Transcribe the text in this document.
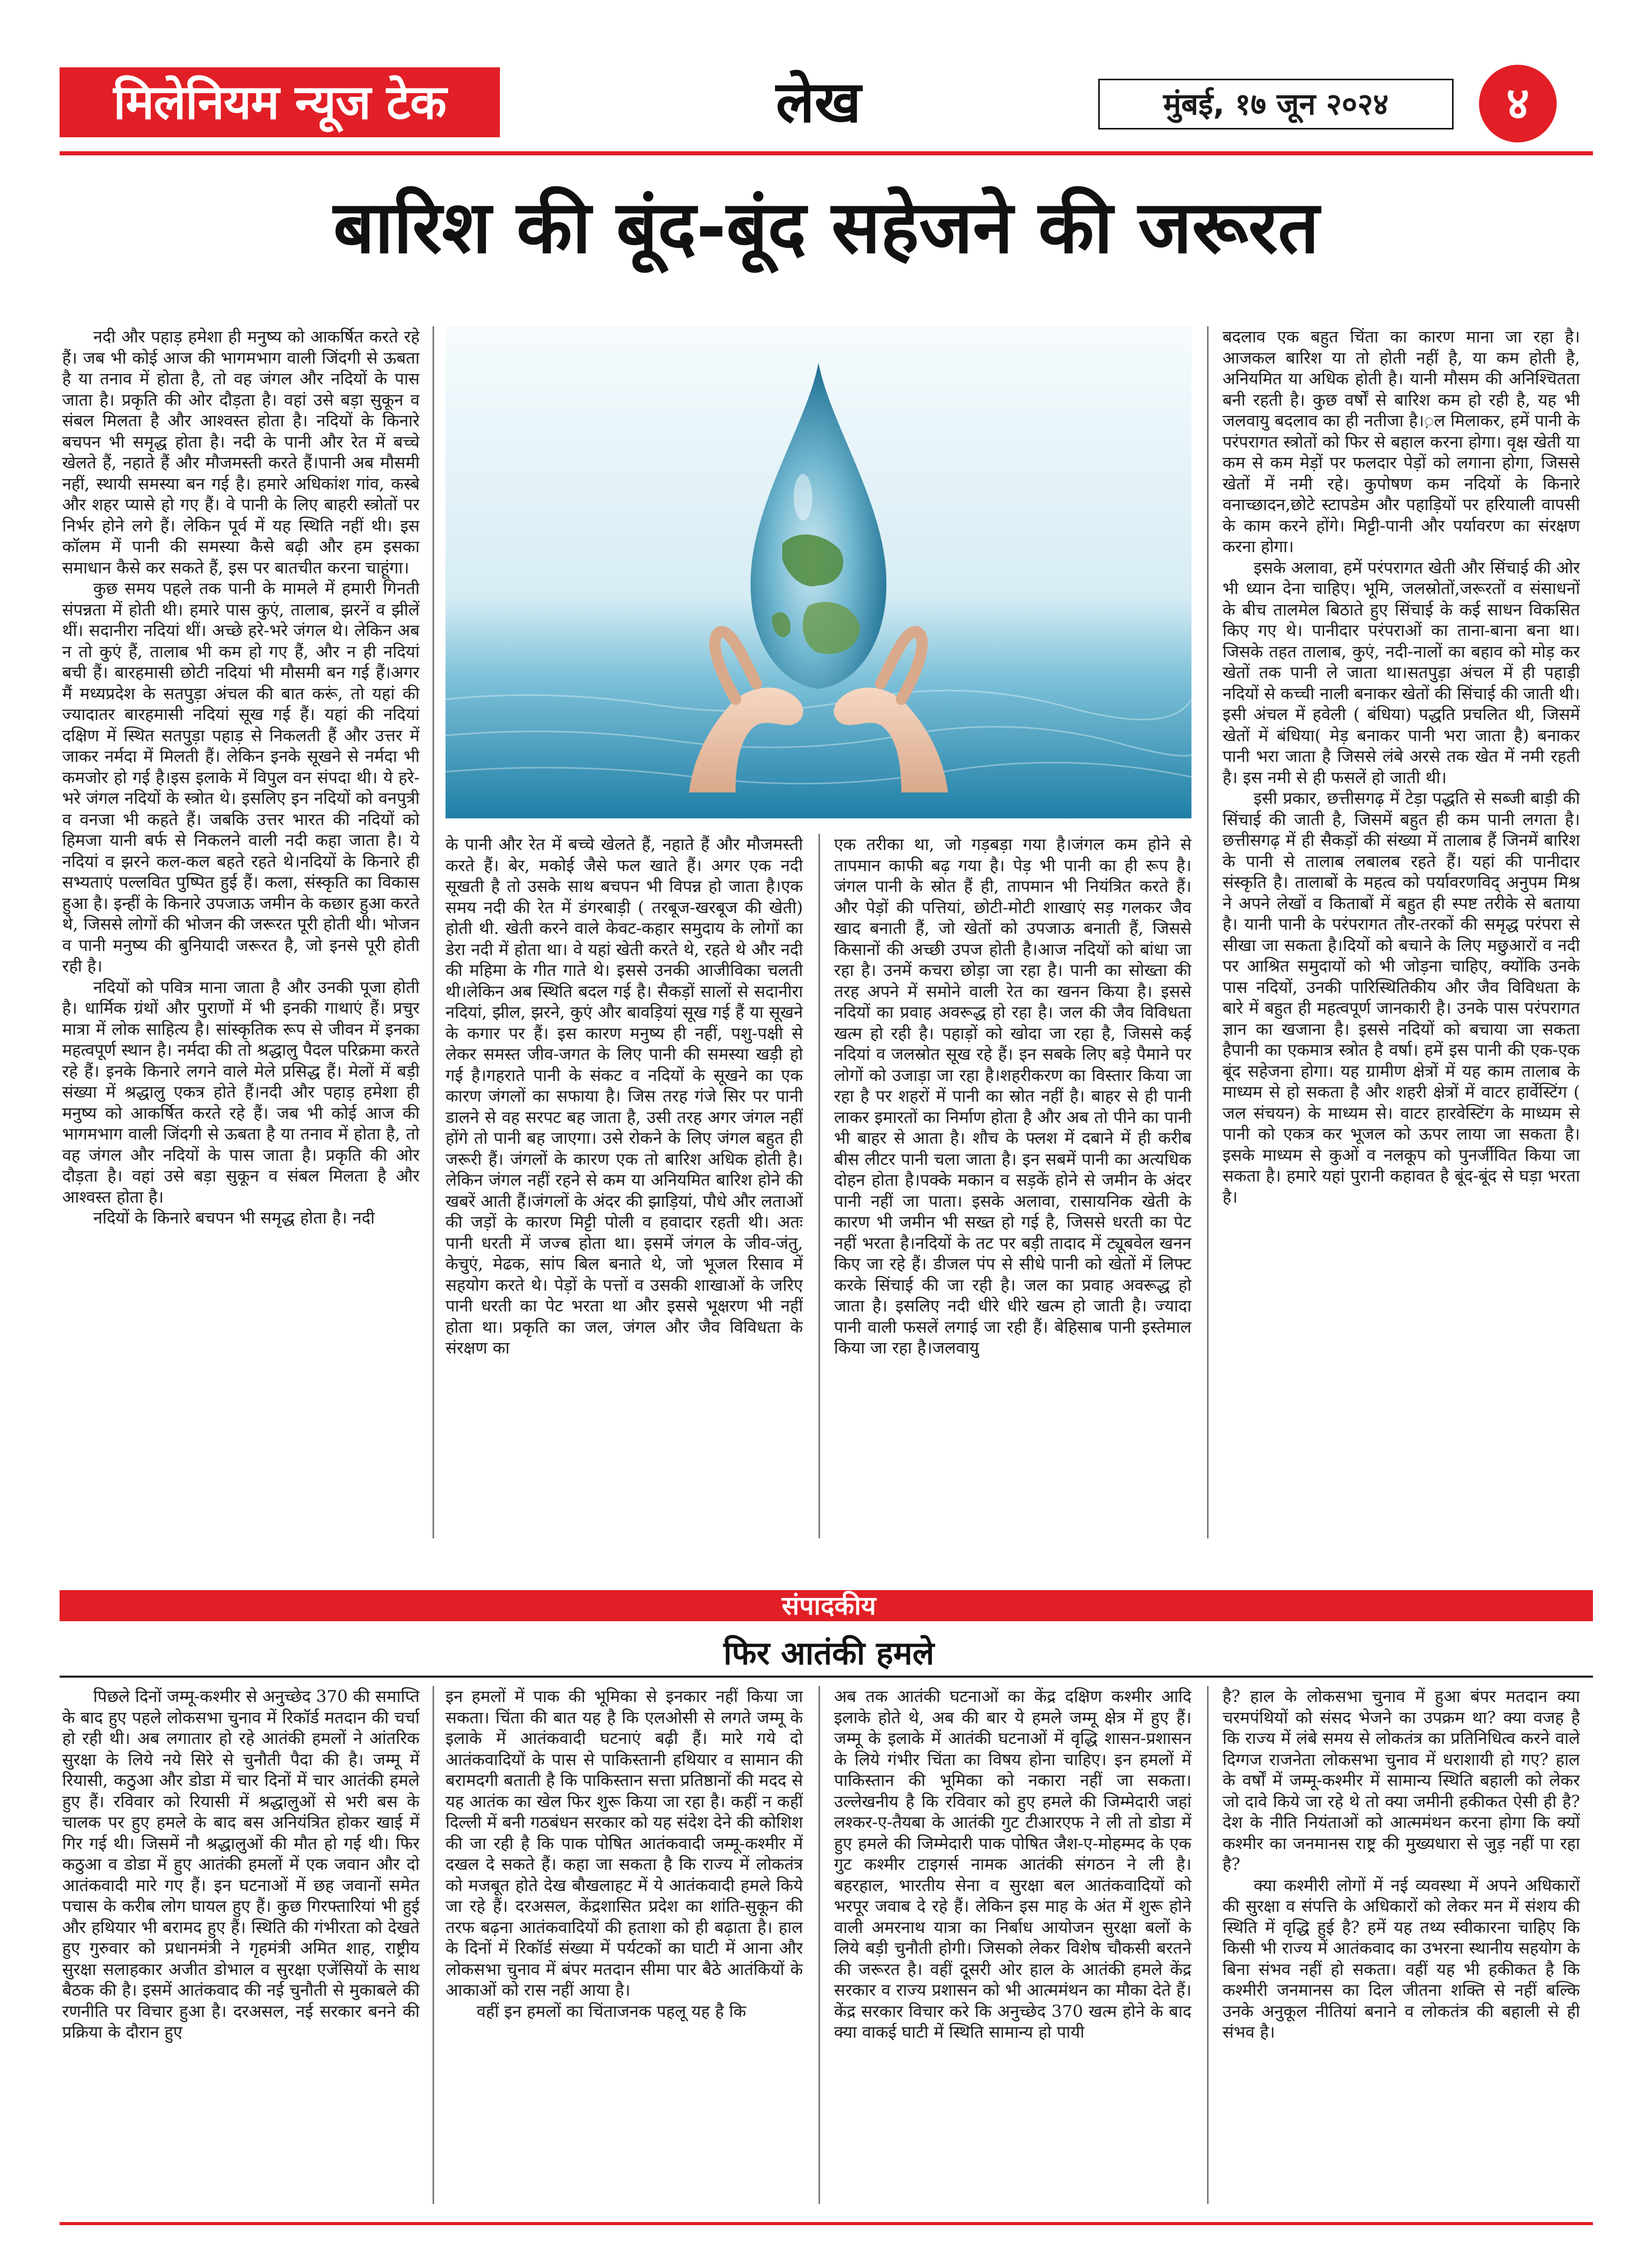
मिलेनियम न्यूज टेक	लेख	मुंबई, १७ जून २०२४	४
बारिश की बूंद-बूंद सहेजने की जरूरत

नदी और पहाड़ हमेशा ही मनुष्य को आकर्षित करते रहे हैं। जब भी कोई आज की भागमभाग वाली जिंदगी से ऊबता है या तनाव में होता है, तो वह जंगल और नदियों के पास जाता है। प्रकृति की ओर दौड़ता है। वहां उसे बड़ा सुकून व संबल मिलता है और आश्वस्त होता है। नदियों के किनारे बचपन भी समृद्ध होता है। नदी के पानी और रेत में बच्चे खेलते हैं, नहाते हैं और मौजमस्ती करते हैं।पानी अब मौसमी नहीं, स्थायी समस्या बन गई है। हमारे अधिकांश गांव, कस्बे और शहर प्यासे हो गए हैं। वे पानी के लिए बाहरी स्त्रोतों पर निर्भर होने लगे हैं। लेकिन पूर्व में यह स्थिति नहीं थी। इस कॉलम में पानी की समस्या कैसे बढ़ी और हम इसका समाधान कैसे कर सकते हैं, इस पर बातचीत करना चाहूंगा।

कुछ समय पहले तक पानी के मामले में हमारी गिनती संपन्नता में होती थी। हमारे पास कुएं, तालाब, झरनें व झीलें थीं। सदानीरा नदियां थीं। अच्छे हरे-भरे जंगल थे। लेकिन अब न तो कुएं हैं, तालाब भी कम हो गए हैं, और न ही नदियां बची हैं। बारहमासी छोटी नदियां भी मौसमी बन गई हैं।अगर मैं मध्यप्रदेश के सतपुड़ा अंचल की बात करूं, तो यहां की ज्यादातर बारहमासी नदियां सूख गई हैं। यहां की नदियां दक्षिण में स्थित सतपुड़ा पहाड़ से निकलती हैं और उत्तर में जाकर नर्मदा में मिलती हैं। लेकिन इनके सूखने से नर्मदा भी कमजोर हो गई है।इस इलाके में विपुल वन संपदा थी। ये हरे-भरे जंगल नदियों के स्त्रोत थे। इसलिए इन नदियों को वनपुत्री व वनजा भी कहते हैं। जबकि उत्तर भारत की नदियों को हिमजा यानी बर्फ से निकलने वाली नदी कहा जाता है। ये नदियां व झरने कल-कल बहते रहते थे।नदियों के किनारे ही सभ्यताएं पल्लवित पुष्पित हुई हैं। कला, संस्कृति का विकास हुआ है। इन्हीं के किनारे उपजाऊ जमीन के कछार हुआ करते थे, जिससे लोगों की भोजन की जरूरत पूरी होती थी। भोजन व पानी मनुष्य की बुनियादी जरूरत है, जो इनसे पूरी होती रही है।

नदियों को पवित्र माना जाता है और उनकी पूजा होती है। धार्मिक ग्रंथों और पुराणों में भी इनकी गाथाएं हैं। प्रचुर मात्रा में लोक साहित्य है। सांस्कृतिक रूप से जीवन में इनका महत्वपूर्ण स्थान है। नर्मदा की तो श्रद्धालु पैदल परिक्रमा करते रहे हैं। इनके किनारे लगने वाले मेले प्रसिद्ध हैं। मेलों में बड़ी संख्या में श्रद्धालु एकत्र होते हैं।नदी और पहाड़ हमेशा ही मनुष्य को आकर्षित करते रहे हैं। जब भी कोई आज की भागमभाग वाली जिंदगी से ऊबता है या तनाव में होता है, तो वह जंगल और नदियों के पास जाता है। प्रकृति की ओर दौड़ता है। वहां उसे बड़ा सुकून व संबल मिलता है और आश्वस्त होता है।

नदियों के किनारे बचपन भी समृद्ध होता है। नदी

के पानी और रेत में बच्चे खेलते हैं, नहाते हैं और मौजमस्ती करते हैं। बेर, मकोई जैसे फल खाते हैं। अगर एक नदी सूखती है तो उसके साथ बचपन भी विपन्न हो जाता है।एक समय नदी की रेत में डंगरबाड़ी ( तरबूज-खरबूज की खेती) होती थी. खेती करने वाले केवट-कहार समुदाय के लोगों का डेरा नदी में होता था। वे यहां खेती करते थे, रहते थे और नदी की महिमा के गीत गाते थे। इससे उनकी आजीविका चलती थी।लेकिन अब स्थिति बदल गई है। सैकड़ों सालों से सदानीरा नदियां, झील, झरने, कुएं और बावड़ियां सूख गई हैं या सूखने के कगार पर हैं। इस कारण मनुष्य ही नहीं, पशु-पक्षी से लेकर समस्त जीव-जगत के लिए पानी की समस्या खड़ी हो गई है।गहराते पानी के संकट व नदियों के सूखने का एक कारण जंगलों का सफाया है। जिस तरह गंजे सिर पर पानी डालने से वह सरपट बह जाता है, उसी तरह अगर जंगल नहीं होंगे तो पानी बह जाएगा। उसे रोकने के लिए जंगल बहुत ही जरूरी हैं। जंगलों के कारण एक तो बारिश अधिक होती है। लेकिन जंगल नहीं रहने से कम या अनियमित बारिश होने की खबरें आती हैं।जंगलों के अंदर की झाड़ियां, पौधे और लताओं की जड़ों के कारण मिट्टी पोली व हवादार रहती थी। अतः पानी धरती में जज्ब होता था। इसमें जंगल के जीव-जंतु, केचुएं, मेढक, सांप बिल बनाते थे, जो भूजल रिसाव में सहयोग करते थे। पेड़ों के पत्तों व उसकी शाखाओं के जरिए पानी धरती का पेट भरता था और इससे भूक्षरण भी नहीं होता था। प्रकृति का जल, जंगल और जैव विविधता के संरक्षण का

एक तरीका था, जो गड़बड़ा गया है।जंगल कम होने से तापमान काफी बढ़ गया है। पेड़ भी पानी का ही रूप है। जंगल पानी के स्रोत हैं ही, तापमान भी नियंत्रित करते हैं। और पेड़ों की पत्तियां, छोटी-मोटी शाखाएं सड़ गलकर जैव खाद बनाती हैं, जो खेतों को उपजाऊ बनाती हैं, जिससे किसानों की अच्छी उपज होती है।आज नदियों को बांधा जा रहा है। उनमें कचरा छोड़ा जा रहा है। पानी का सोख्ता की तरह अपने में समोने वाली रेत का खनन किया है। इससे नदियों का प्रवाह अवरूद्ध हो रहा है। जल की जैव विविधता खत्म हो रही है। पहाड़ों को खोदा जा रहा है, जिससे कई नदियां व जलस्रोत सूख रहे हैं। इन सबके लिए बड़े पैमाने पर लोगों को उजाड़ा जा रहा है।शहरीकरण का विस्तार किया जा रहा है पर शहरों में पानी का स्रोत नहीं है। बाहर से ही पानी लाकर इमारतों का निर्माण होता है और अब तो पीने का पानी भी बाहर से आता है। शौच के फ्लश में दबाने में ही करीब बीस लीटर पानी चला जाता है। इन सबमें पानी का अत्यधिक दोहन होता है।पक्के मकान व सड़कें होने से जमीन के अंदर पानी नहीं जा पाता। इसके अलावा, रासायनिक खेती के कारण भी जमीन भी सख्त हो गई है, जिससे धरती का पेट नहीं भरता है।नदियों के तट पर बड़ी तादाद में ट्यूबवेल खनन किए जा रहे हैं। डीजल पंप से सीधे पानी को खेतों में लिफ्ट करके सिंचाई की जा रही है। जल का प्रवाह अवरूद्ध हो जाता है। इसलिए नदी धीरे धीरे खत्म हो जाती है। ज्यादा पानी वाली फसलें लगाई जा रही हैं। बेहिसाब पानी इस्तेमाल किया जा रहा है।जलवायु

बदलाव एक बहुत चिंता का कारण माना जा रहा है। आजकल बारिश या तो होती नहीं है, या कम होती है, अनियमित या अधिक होती है। यानी मौसम की अनिश्चितता बनी रहती है। कुछ वर्षों से बारिश कम हो रही है, यह भी जलवायु बदलाव का ही नतीजा है।़ल मिलाकर, हमें पानी के परंपरागत स्त्रोतों को फिर से बहाल करना होगा। वृक्ष खेती या कम से कम मेड़ों पर फलदार पेड़ों को लगाना होगा, जिससे खेतों में नमी रहे। कुपोषण कम नदियों के किनारे वनाच्छादन,छोटे स्टापडेम और पहाड़ियों पर हरियाली वापसी के काम करने होंगे। मिट्टी-पानी और पर्यावरण का संरक्षण करना होगा।

इसके अलावा, हमें परंपरागत खेती और सिंचाई की ओर भी ध्यान देना चाहिए। भूमि, जलस्रोतों,जरूरतों व संसाधनों के बीच तालमेल बिठाते हुए सिंचाई के कई साधन विकसित किए गए थे। पानीदार परंपराओं का ताना-बाना बना था। जिसके तहत तालाब, कुएं, नदी-नालों का बहाव को मोड़ कर खेतों तक पानी ले जाता था।सतपुड़ा अंचल में ही पहाड़ी नदियों से कच्ची नाली बनाकर खेतों की सिंचाई की जाती थी। इसी अंचल में हवेली ( बंधिया) पद्धति प्रचलित थी, जिसमें खेतों में बंधिया( मेड़ बनाकर पानी भरा जाता है) बनाकर पानी भरा जाता है जिससे लंबे अरसे तक खेत में नमी रहती है। इस नमी से ही फसलें हो जाती थी।

इसी प्रकार, छत्तीसगढ़ में टेड़ा पद्धति से सब्जी बाड़ी की सिंचाई की जाती है, जिसमें बहुत ही कम पानी लगता है। छत्तीसगढ़ में ही सैकड़ों की संख्या में तालाब हैं जिनमें बारिश के पानी से तालाब लबालब रहते हैं। यहां की पानीदार संस्कृति है। तालाबों के महत्व को पर्यावरणविद् अनुपम मिश्र ने अपने लेखों व किताबों में बहुत ही स्पष्ट तरीके से बताया है। यानी पानी के परंपरागत तौर-तरकों की समृद्ध परंपरा से सीखा जा सकता है।दियों को बचाने के लिए मछुआरों व नदी पर आश्रित समुदायों को भी जोड़ना चाहिए, क्योंकि उनके पास नदियों, उनकी पारिस्थितिकीय और जैव विविधता के बारे में बहुत ही महत्वपूर्ण जानकारी है। उनके पास परंपरागत ज्ञान का खजाना है। इससे नदियों को बचाया जा सकता हैपानी का एकमात्र स्त्रोत है वर्षा। हमें इस पानी की एक-एक बूंद सहेजना होगा। यह ग्रामीण क्षेत्रों में यह काम तालाब के माध्यम से हो सकता है और शहरी क्षेत्रों में वाटर हार्वेस्टिंग ( जल संचयन) के माध्यम से। वाटर हारवेस्टिंग के माध्यम से पानी को एकत्र कर भूजल को ऊपर लाया जा सकता है। इसके माध्यम से कुओं व नलकूप को पुनर्जीवित किया जा सकता है। हमारे यहां पुरानी कहावत है बूंद-बूंद से घड़ा भरता है।

संपादकीय
फिर आतंकी हमले

पिछले दिनों जम्मू-कश्मीर से अनुच्छेद 370 की समाप्ति के बाद हुए पहले लोकसभा चुनाव में रिकॉर्ड मतदान की चर्चा हो रही थी। अब लगातार हो रहे आतंकी हमलों ने आंतरिक सुरक्षा के लिये नये सिरे से चुनौती पैदा की है। जम्मू में रियासी, कठुआ और डोडा में चार दिनों में चार आतंकी हमले हुए हैं। रविवार को रियासी में श्रद्धालुओं से भरी बस के चालक पर हुए हमले के बाद बस अनियंत्रित होकर खाई में गिर गई थी। जिसमें नौ श्रद्धालुओं की मौत हो गई थी। फिर कठुआ व डोडा में हुए आतंकी हमलों में एक जवान और दो आतंकवादी मारे गए हैं। इन घटनाओं में छह जवानों समेत पचास के करीब लोग घायल हुए हैं। कुछ गिरफ्तारियां भी हुई और हथियार भी बरामद हुए हैं। स्थिति की गंभीरता को देखते हुए गुरुवार को प्रधानमंत्री ने गृहमंत्री अमित शाह, राष्ट्रीय सुरक्षा सलाहकार अजीत डोभाल व सुरक्षा एजेंसियों के साथ बैठक की है। इसमें आतंकवाद की नई चुनौती से मुकाबले की रणनीति पर विचार हुआ है। दरअसल, नई सरकार बनने की प्रक्रिया के दौरान हुए

इन हमलों में पाक की भूमिका से इनकार नहीं किया जा सकता। चिंता की बात यह है कि एलओसी से लगते जम्मू के इलाके में आतंकवादी घटनाएं बढ़ी हैं। मारे गये दो आतंकवादियों के पास से पाकिस्तानी हथियार व सामान की बरामदगी बताती है कि पाकिस्तान सत्ता प्रतिष्ठानों की मदद से यह आतंक का खेल फिर शुरू किया जा रहा है। कहीं न कहीं दिल्ली में बनी गठबंधन सरकार को यह संदेश देने की कोशिश की जा रही है कि पाक पोषित आतंकवादी जम्मू-कश्मीर में दखल दे सकते हैं। कहा जा सकता है कि राज्य में लोकतंत्र को मजबूत होते देख बौखलाहट में ये आतंकवादी हमले किये जा रहे हैं। दरअसल, केंद्रशासित प्रदेश का शांति-सुकून की तरफ बढ़ना आतंकवादियों की हताशा को ही बढ़ाता है। हाल के दिनों में रिकॉर्ड संख्या में पर्यटकों का घाटी में आना और लोकसभा चुनाव में बंपर मतदान सीमा पार बैठे आतंकियों के आकाओं को रास नहीं आया है।

वहीं इन हमलों का चिंताजनक पहलू यह है कि

अब तक आतंकी घटनाओं का केंद्र दक्षिण कश्मीर आदि इलाके होते थे, अब की बार ये हमले जम्मू क्षेत्र में हुए हैं। जम्मू के इलाके में आतंकी घटनाओं में वृद्धि शासन-प्रशासन के लिये गंभीर चिंता का विषय होना चाहिए। इन हमलों में पाकिस्तान की भूमिका को नकारा नहीं जा सकता। उल्लेखनीय है कि रविवार को हुए हमले की जिम्मेदारी जहां लश्कर-ए-तैयबा के आतंकी गुट टीआरएफ ने ली तो डोडा में हुए हमले की जिम्मेदारी पाक पोषित जैश-ए-मोहम्मद के एक गुट कश्मीर टाइगर्स नामक आतंकी संगठन ने ली है। बहरहाल, भारतीय सेना व सुरक्षा बल आतंकवादियों को भरपूर जवाब दे रहे हैं। लेकिन इस माह के अंत में शुरू होने वाली अमरनाथ यात्रा का निर्बाध आयोजन सुरक्षा बलों के लिये बड़ी चुनौती होगी। जिसको लेकर विशेष चौकसी बरतने की जरूरत है। वहीं दूसरी ओर हाल के आतंकी हमले केंद्र सरकार व राज्य प्रशासन को भी आत्ममंथन का मौका देते हैं। केंद्र सरकार विचार करे कि अनुच्छेद 370 खत्म होने के बाद क्या वाकई घाटी में स्थिति सामान्य हो पायी

है? हाल के लोकसभा चुनाव में हुआ बंपर मतदान क्या चरमपंथियों को संसद भेजने का उपक्रम था? क्या वजह है कि राज्य में लंबे समय से लोकतंत्र का प्रतिनिधित्व करने वाले दिग्गज राजनेता लोकसभा चुनाव में धराशायी हो गए? हाल के वर्षों में जम्मू-कश्मीर में सामान्य स्थिति बहाली को लेकर जो दावे किये जा रहे थे तो क्या जमीनी हकीकत ऐसी ही है? देश के नीति नियंताओं को आत्ममंथन करना होगा कि क्यों कश्मीर का जनमानस राष्ट्र की मुख्यधारा से जुड़ नहीं पा रहा है?

क्या कश्मीरी लोगों में नई व्यवस्था में अपने अधिकारों की सुरक्षा व संपत्ति के अधिकारों को लेकर मन में संशय की स्थिति में वृद्धि हुई है? हमें यह तथ्य स्वीकारना चाहिए कि किसी भी राज्य में आतंकवाद का उभरना स्थानीय सहयोग के बिना संभव नहीं हो सकता। वहीं यह भी हकीकत है कि कश्मीरी जनमानस का दिल जीतना शक्ति से नहीं बल्कि उनके अनुकूल नीतियां बनाने व लोकतंत्र की बहाली से ही संभव है।
